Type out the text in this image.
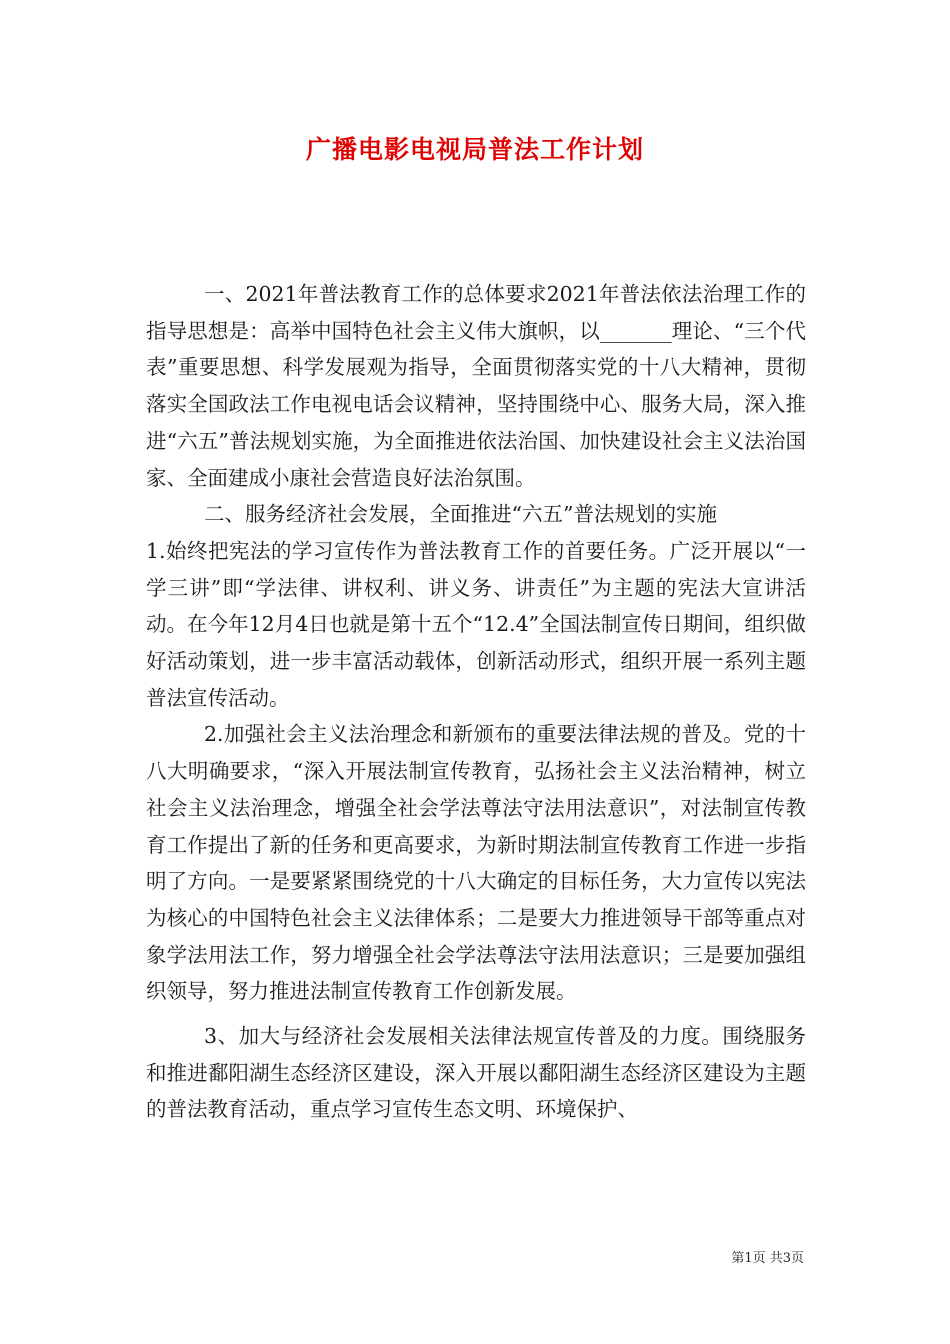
广播电影电视局普法工作计划

一、2021年普法教育工作的总体要求2021年普法依法治理工作的指导思想是：高举中国特色社会主义伟大旗帜，以_______理论、“三个代表”重要思想、科学发展观为指导，全面贯彻落实党的十八大精神，贯彻落实全国政法工作电视电话会议精神，坚持围绕中心、服务大局，深入推进“六五”普法规划实施，为全面推进依法治国、加快建设社会主义法治国家、全面建成小康社会营造良好法治氛围。

二、服务经济社会发展，全面推进“六五”普法规划的实施

1.始终把宪法的学习宣传作为普法教育工作的首要任务。广泛开展以“一学三讲”即“学法律、讲权利、讲义务、讲责任”为主题的宪法大宣讲活动。在今年12月4日也就是第十五个“12.4”全国法制宣传日期间，组织做好活动策划，进一步丰富活动载体，创新活动形式，组织开展一系列主题普法宣传活动。

2.加强社会主义法治理念和新颁布的重要法律法规的普及。党的十八大明确要求，“深入开展法制宣传教育，弘扬社会主义法治精神，树立社会主义法治理念，增强全社会学法尊法守法用法意识”，对法制宣传教育工作提出了新的任务和更高要求，为新时期法制宣传教育工作进一步指明了方向。一是要紧紧围绕党的十八大确定的目标任务，大力宣传以宪法为核心的中国特色社会主义法律体系；二是要大力推进领导干部等重点对象学法用法工作，努力增强全社会学法尊法守法用法意识；三是要加强组织领导，努力推进法制宣传教育工作创新发展。

3、加大与经济社会发展相关法律法规宣传普及的力度。围绕服务和推进鄱阳湖生态经济区建设，深入开展以鄱阳湖生态经济区建设为主题的普法教育活动，重点学习宣传生态文明、环境保护、

第1页 共3页
